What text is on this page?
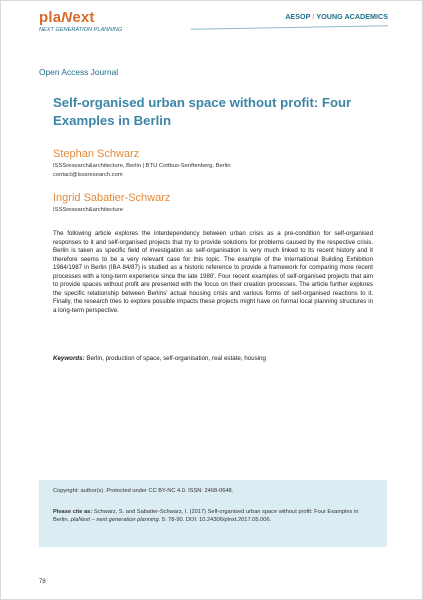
plaNext
NEXT GENERATION PLANNING
AESOP / YOUNG ACADEMICS
Open Access Journal
Self-organised urban space without profit: Four Examples in Berlin
Stephan Schwarz
ISSSresearch&architecture, Berlin | BTU Cottbus-Senftenberg, Berlin
contact@isssresearch.com
Ingrid Sabatier-Schwarz
ISSSresearch&architecture
The following article explores the interdependency between urban crisis as a pre-condition for self-organised responses to it and self-organised projects that try to provide solutions for problems caused by the respective crisis. Berlin is taken as specific field of investigation as self-organisation is very much linked to its recent history and it therefore seems to be a very relevant case for this topic. The example of the International Building Exhibition 1984/1987 in Berlin (IBA 84/87) is studied as a historic reference to provide a framework for comparing more recent processes with a long-term experience since the late 1980'. Four recent examples of self-organised projects that aim to provide spaces without profit are presented with the focus on their creation processes. The article further explores the specific relationship between Berlins' actual housing crisis and various forms of self-organised reactions to it. Finally, the research tries to explore possible impacts these projects might have on formal local planning structures in a long-term perspective.
Keywords: Berlin, production of space, self-organisation, real estate, housing
Copyright: author(s). Protected under CC BY-NC 4.0. ISSN: 2468-0648.
Please cite as: Schwarz, S. and Sabatier-Schwarz, I. (2017) Self-organised urban space without profit: Four Examples in Berlin. plaNext – next generation planning. 5: 78-90. DOI: 10.24306/plnxt.2017.05.006.
78
